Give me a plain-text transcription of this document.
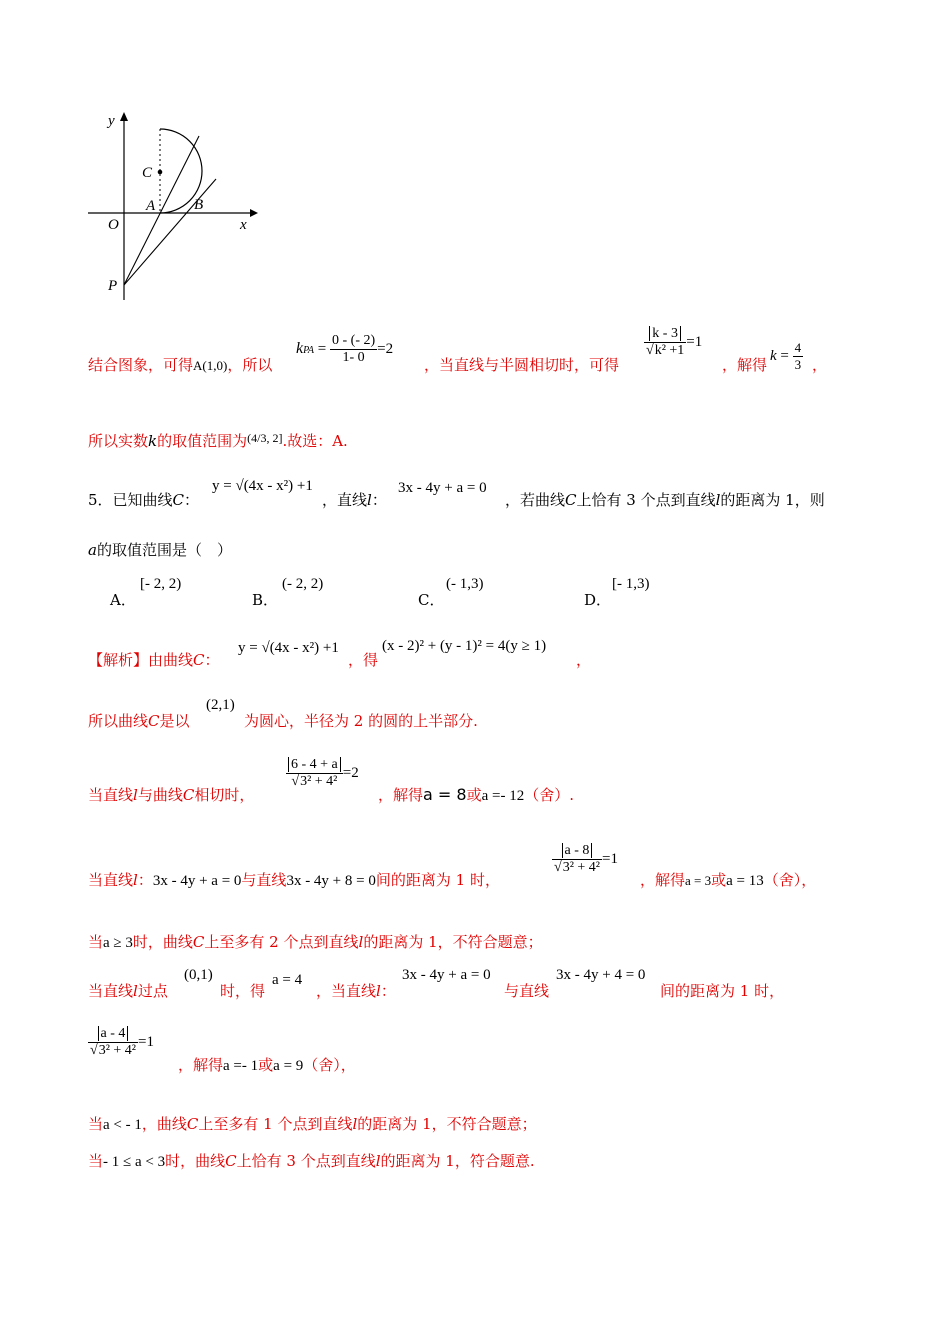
y
x
C
A	B
O
P
结合图象，可得A(1,0)，所以
kPA = $\frac{0 - (- 2)}{1- 0} =2$
，当直线与半圆相切时，可得
$\frac{k - 3}{\text{√k² +1}} =1$
，解得
$k = \frac{4}{3}$ ，
所以实数k的取值范围为$^{(4/3, 2]}$.故选：A.
5．已知曲线C：
y = √(4x - x²) +1
，直线l：
3x - 4y + a = 0
，若曲线C上恰有 3 个点到直线l的距离为 1，则
a的取值范围是（　）
A．
[- 2, 2)
B．
(- 2, 2)
C．
(- 1,3)
D．
[- 1,3)
【解析】由曲线C：
y = √(4x - x²) +1
，得
(x - 2)² + (y - 1)² = 4(y ≥ 1)
，
所以曲线C是以
(2,1)
为圆心，半径为 2 的圆的上半部分.
当直线l与曲线C相切时，
$\frac{6 - 4 + a}{\text{√3² + 4²}} =2$
，解得a = 8或a =- 12（舍）.
当直线l：3x - 4y + a = 0与直线3x - 4y + 8 = 0间的距离为 1 时，
$\frac{a - 8}{\text{√3² + 4²}} =1$
，解得a = 3或a = 13（舍），
当a ≥ 3时，曲线C上至多有 2 个点到直线l的距离为 1，不符合题意；
当直线l过点
(0,1)
时，得
a = 4
，当直线l：
3x - 4y + a = 0
与直线
3x - 4y + 4 = 0
间的距离为 1 时，
$\frac{a - 4}{\text{√3² + 4²}} =1$
，解得a =- 1或a = 9（舍），
当a < - 1，曲线C上至多有 1 个点到直线l的距离为 1，不符合题意；
当- 1 ≤ a < 3时，曲线C上恰有 3 个点到直线l的距离为 1，符合题意.
